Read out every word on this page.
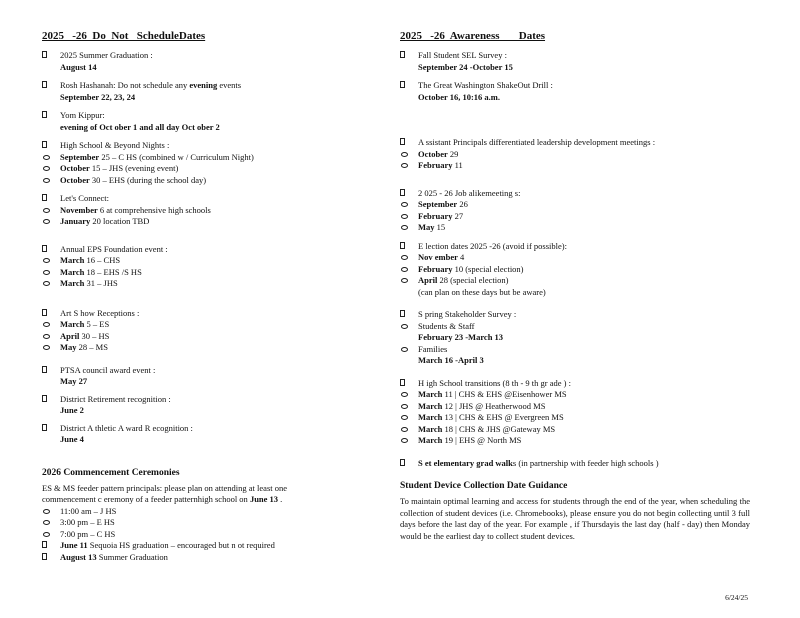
2025   -26  Do  Not   ScheduleDates
2025 Summer Graduation :
August 14
Rosh Hashanah: Do not schedule any evening events
September 22, 23, 24
Yom Kippur:
evening of Oct ober 1 and all day Oct ober 2
High School & Beyond Nights :
September 25 – C HS (combined w / Curriculum Night)
October 15 – JHS (evening event)
October 30 – EHS (during the school day)
Let's Connect:
November 6 at comprehensive high schools
January 20 location TBD
Annual EPS Foundation event :
March 16 – CHS
March 18 – EHS /S HS
March 31 – JHS
Art S how Receptions :
March 5 – ES
April 30 – HS
May 28 – MS
PTSA council award event :
May 27
District Retirement recognition :
June 2
District A thletic A ward R ecognition :
June 4
2026 Commencement Ceremonies
ES & MS feeder pattern principals: please plan on attending at least one
commencement c eremony of a feeder patternhigh school on June 13 .
11:00 am – J HS
3:00 pm – E HS
7:00 pm – C HS
June 11 Sequoia HS graduation – encouraged but n ot required
August 13 Summer Graduation
2025   -26  Awareness       Dates
Fall Student SEL Survey :
September 24 -October 15
The Great Washington ShakeOut Drill :
October 16, 10:16 a.m.
A ssistant Principals differentiated leadership development meetings :
October 29
February 11
2 025 - 26 Job alikemeeting s:
September 26
February 27
May 15
E lection dates 2025 -26 (avoid if possible):
Nov ember 4
February 10 (special election)
April 28 (special election)
(can plan on these days but be aware)
S pring Stakeholder Survey :
Students & Staff
February 23 -March 13
Families
March 16 -April 3
H igh School transitions (8 th - 9 th gr ade ) :
March 11 | CHS & EHS @Eisenhower MS
March 12 | JHS @ Heatherwood MS
March 13 | CHS & EHS @ Evergreen MS
March 18 | CHS & JHS @Gateway MS
March 19 | EHS @ North MS
S et elementary grad walks (in partnership with feeder high schools )
Student Device Collection Date Guidance
To maintain optimal learning and access for students through the end of the year, when scheduling the collection of student devices (i.e. Chromebooks), please ensure you do not begin collecting until 3 full days before the last day of the year. For example , if Thursdayis the last day (half - day) then Monday would be the earliest day to collect student devices.
6/24/25
